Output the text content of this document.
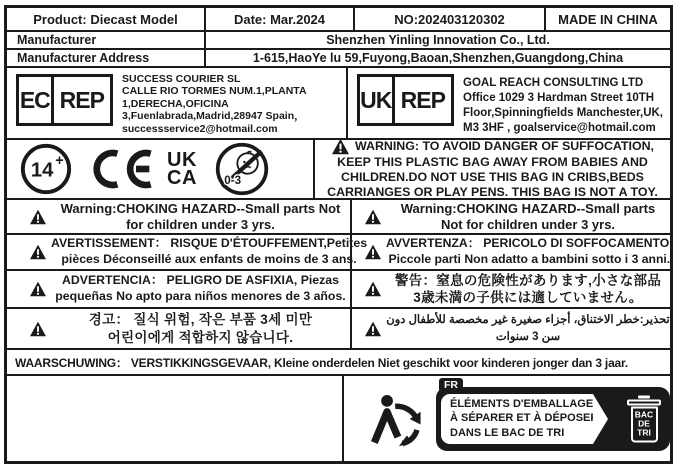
Product: Diecast Model	Date: Mar.2024	NO:202403120302	MADE IN CHINA
Manufacturer	Shenzhen Yinling Innovation Co., Ltd.
Manufacturer Address	1-615,HaoYe lu 59,Fuyong,Baoan,Shenzhen,Guangdong,China
EC REP
SUCCESS COURIER SL
CALLE RIO TORMES NUM.1,PLANTA
1,DERECHA,OFICINA
3,Fuenlabrada,Madrid,28947 Spain，
successservice2@hotmail.com
UK REP
GOAL REACH CONSULTING LTD
Office 1029 3 Hardman Street 10TH
Floor,Spinningfields Manchester,UK,
M3 3HF , goalservice@hotmail.com
14 +	UK
CA 0-3
WARNING: TO AVOID DANGER OF SUFFOCATION,
KEEP THIS PLASTIC BAG AWAY FROM BABIES AND
CHILDREN.DO NOT USE THIS BAG IN CRIBS,BEDS
CARRIANGES OR PLAY PENS. THIS BAG IS NOT A TOY.
Warning:CHOKING HAZARD--Small parts Not
for children under 3 yrs.
Warning:CHOKING HAZARD--Small parts
Not for children under 3 yrs.
AVERTISSEMENT： RISQUE D'ÉTOUFFEMENT,Petites
pièces Déconseillé aux enfants de moins de 3 ans.
AVVERTENZA： PERICOLO DI SOFFOCAMENTO,
Piccole parti Non adatto a bambini sotto i 3 anni.
ADVERTENCIA： PELIGRO DE ASFIXIA, Piezas
pequeñas No apto para niños menores de 3 años.
警告：窒息の危険性があります,小さな部品
3歳未満の子供には適していません。
경고： 질식 위험, 작은 부품 3세 미만
어린이에게 적합하지 않습니다.
تحذير:خطر الاختناق، أجزاء صغيرة غير مخصصة للأطفال دون
سن 3 سنوات
WAARSCHUWING： VERSTIKKINGSGEVAAR, Kleine onderdelen Niet geschikt voor kinderen jonger dan 3 jaar.
FR
ÉLÉMENTS D'EMBALLAGE
À SÉPARER ET À DÉPOSER
DANS LE BAC DE TRI
BAC
DE
TRI
